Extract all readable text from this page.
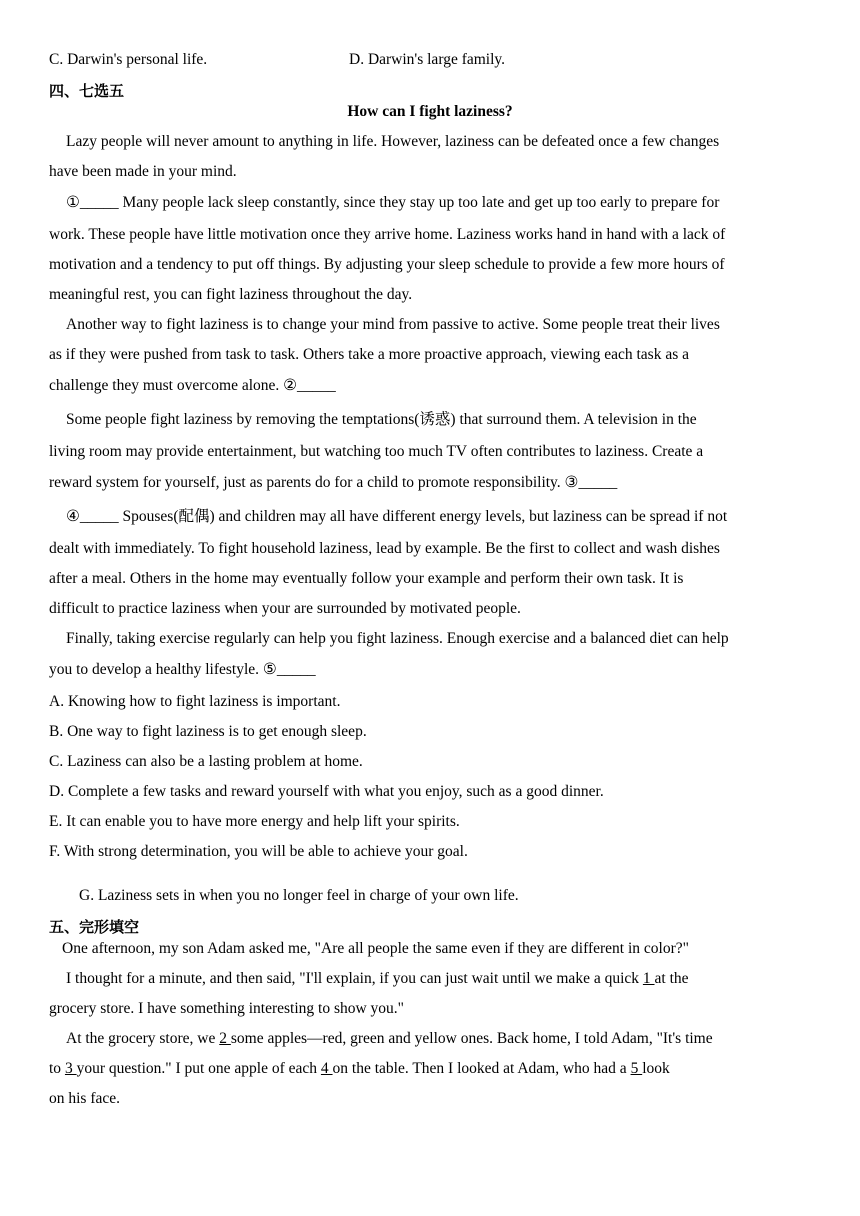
C. Darwin's personal life.	D. Darwin's large family.
四、七选五
How can I fight laziness?
Lazy people will never amount to anything in life. However, laziness can be defeated once a few changes
have been made in your mind.
①_____ Many people lack sleep constantly, since they stay up too late and get up too early to prepare for
work. These people have little motivation once they arrive home. Laziness works hand in hand with a lack of
motivation and a tendency to put off things. By adjusting your sleep schedule to provide a few more hours of
meaningful rest, you can fight laziness throughout the day.
Another way to fight laziness is to change your mind from passive to active. Some people treat their lives
as if they were pushed from task to task. Others take a more proactive approach, viewing each task as a
challenge they must overcome alone. ②_____
Some people fight laziness by removing the temptations(诱惑) that surround them. A television in the
living room may provide entertainment, but watching too much TV often contributes to laziness. Create a
reward system for yourself, just as parents do for a child to promote responsibility. ③_____
④_____ Spouses(配偶) and children may all have different energy levels, but laziness can be spread if not
dealt with immediately. To fight household laziness, lead by example. Be the first to collect and wash dishes
after a meal. Others in the home may eventually follow your example and perform their own task. It is
difficult to practice laziness when your are surrounded by motivated people.
Finally, taking exercise regularly can help you fight laziness. Enough exercise and a balanced diet can help
you to develop a healthy lifestyle. ⑤_____
A. Knowing how to fight laziness is important.
B. One way to fight laziness is to get enough sleep.
C. Laziness can also be a lasting problem at home.
D. Complete a few tasks and reward yourself with what you enjoy, such as a good dinner.
E. It can enable you to have more energy and help lift your spirits.
F. With strong determination, you will be able to achieve your goal.
G. Laziness sets in when you no longer feel in charge of your own life.
五、完形填空
One afternoon, my son Adam asked me, "Are all people the same even if they are different in color?"
I thought for a minute, and then said, "I'll explain, if you can just wait until we make a quick 1 at the
grocery store. I have something interesting to show you."
At the grocery store, we 2 some apples—red, green and yellow ones. Back home, I told Adam, "It's time
to 3 your question." I put one apple of each 4 on the table. Then I looked at Adam, who had a 5 look
on his face.
